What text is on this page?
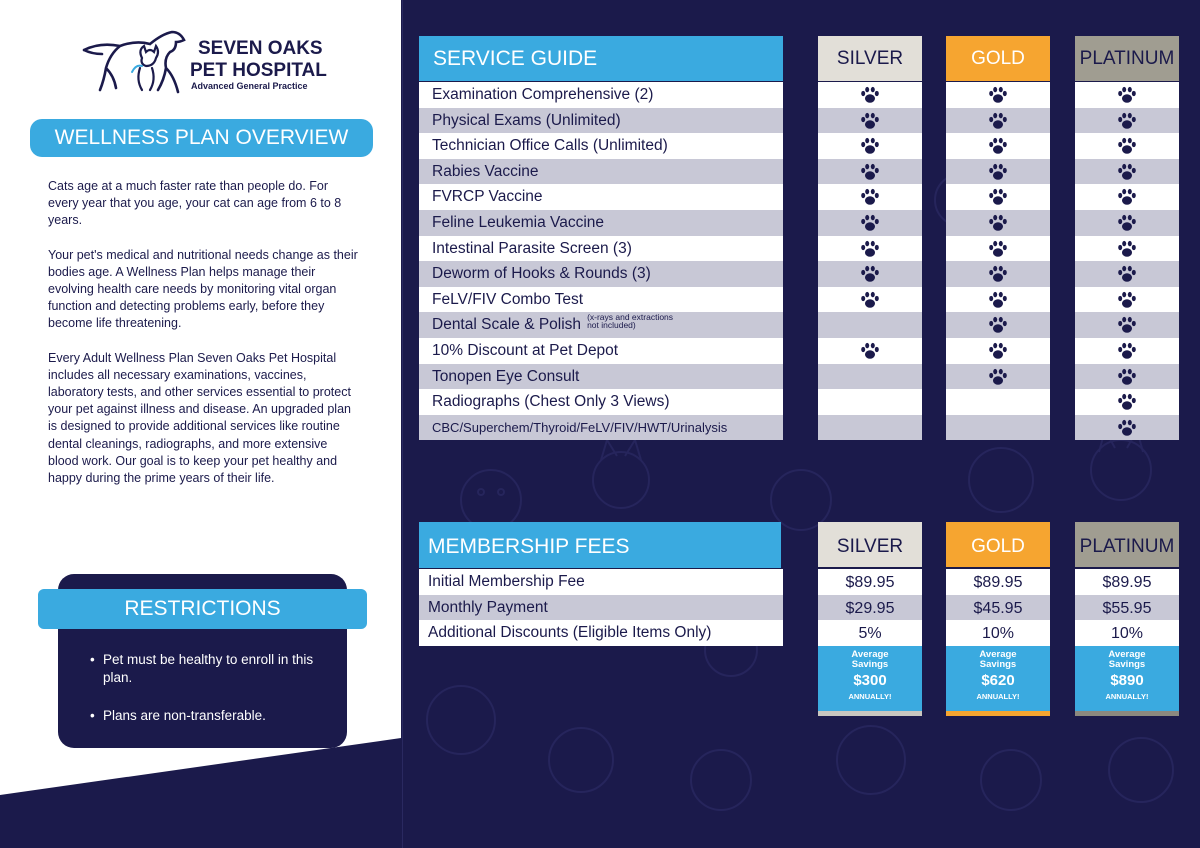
SEVEN OAKS
PET HOSPITAL
Advanced General Practice
WELLNESS PLAN OVERVIEW

Cats age at a much faster rate than people do. For every year that you age, your cat can age from 6 to 8 years.

Your pet's medical and nutritional needs change as their bodies age. A Wellness Plan helps manage their evolving health care needs by monitoring vital organ function and detecting problems early, before they become life threatening.

Every Adult Wellness Plan Seven Oaks Pet Hospital includes all necessary examinations, vaccines, laboratory tests, and other services essential to protect your pet against illness and disease. An upgraded plan is designed to provide additional services like routine dental cleanings, radiographs, and more extensive blood work. Our goal is to keep your pet healthy and happy during the prime years of their life.

RESTRICTIONS
• Pet must be healthy to enroll in this plan.
• Plans are non-transferable.
SERVICE GUIDE
Examination Comprehensive (2)
Physical Exams (Unlimited)
Technician Office Calls (Unlimited)
Rabies Vaccine
FVRCP Vaccine
Feline Leukemia Vaccine
Intestinal Parasite Screen (3)
Deworm of Hooks & Rounds (3)
FeLV/FIV Combo Test
Dental Scale & Polish (x-rays and extractions
not included)
10% Discount at Pet Depot
Tonopen Eye Consult
Radiographs (Chest Only 3 Views)
CBC/Superchem/Thyroid/FeLV/FIV/HWT/Urinalysis
SILVER	GOLD	PLATINUM
MEMBERSHIP FEES
Initial Membership Fee
Monthly Payment
Additional Discounts (Eligible Items Only)
SILVER
$89.95
$29.95
5%
Average
Savings
$300
ANNUALLY!
GOLD
$89.95
$45.95
10%
Average
Savings
$620
ANNUALLY!
PLATINUM
$89.95
$55.95
10%
Average
Savings
$890
ANNUALLY!
